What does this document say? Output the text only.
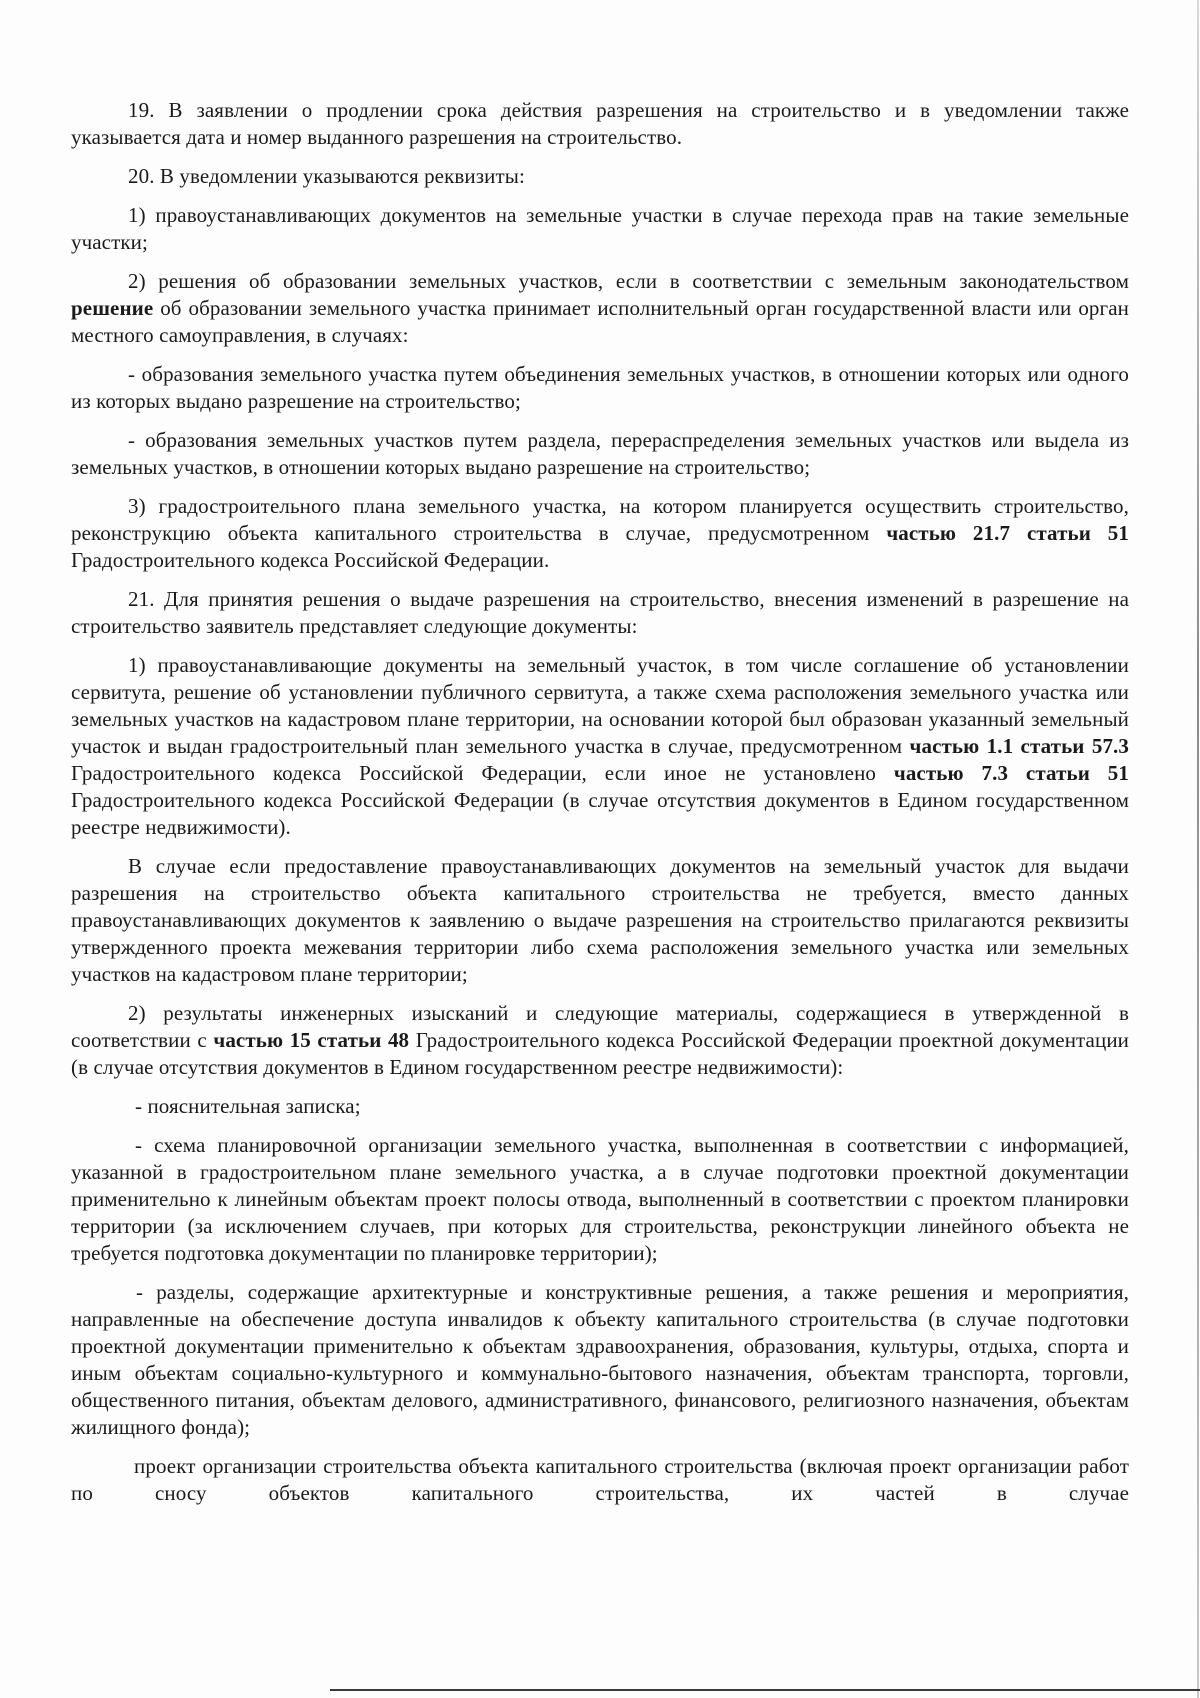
19. В заявлении о продлении срока действия разрешения на строительство и в уведомлении также указывается дата и номер выданного разрешения на строительство.

20. В уведомлении указываются реквизиты:

1) правоустанавливающих документов на земельные участки в случае перехода прав на такие земельные участки;

2) решения об образовании земельных участков, если в соответствии с земельным законодательством решение об образовании земельного участка принимает исполнительный орган государственной власти или орган местного самоуправления, в случаях:

- образования земельного участка путем объединения земельных участков, в отношении которых или одного из которых выдано разрешение на строительство;

- образования земельных участков путем раздела, перераспределения земельных участков или выдела из земельных участков, в отношении которых выдано разрешение на строительство;

3) градостроительного плана земельного участка, на котором планируется осуществить строительство, реконструкцию объекта капитального строительства в случае, предусмотренном частью 21.7 статьи 51 Градостроительного кодекса Российской Федерации.

21. Для принятия решения о выдаче разрешения на строительство, внесения изменений в разрешение на строительство заявитель представляет следующие документы:

1) правоустанавливающие документы на земельный участок, в том числе соглашение об установлении сервитута, решение об установлении публичного сервитута, а также схема расположения земельного участка или земельных участков на кадастровом плане территории, на основании которой был образован указанный земельный участок и выдан градостроительный план земельного участка в случае, предусмотренном частью 1.1 статьи 57.3 Градостроительного кодекса Российской Федерации, если иное не установлено частью 7.3 статьи 51 Градостроительного кодекса Российской Федерации (в случае отсутствия документов в Едином государственном реестре недвижимости).

В случае если предоставление правоустанавливающих документов на земельный участок для выдачи разрешения на строительство объекта капитального строительства не требуется, вместо данных правоустанавливающих документов к заявлению о выдаче разрешения на строительство прилагаются реквизиты утвержденного проекта межевания территории либо схема расположения земельного участка или земельных участков на кадастровом плане территории;

2) результаты инженерных изысканий и следующие материалы, содержащиеся в утвержденной в соответствии с частью 15 статьи 48 Градостроительного кодекса Российской Федерации проектной документации (в случае отсутствия документов в Едином государственном реестре недвижимости):

- пояснительная записка;

- схема планировочной организации земельного участка, выполненная в соответствии с информацией, указанной в градостроительном плане земельного участка, а в случае подготовки проектной документации применительно к линейным объектам проект полосы отвода, выполненный в соответствии с проектом планировки территории (за исключением случаев, при которых для строительства, реконструкции линейного объекта не требуется подготовка документации по планировке территории);

- разделы, содержащие архитектурные и конструктивные решения, а также решения и мероприятия, направленные на обеспечение доступа инвалидов к объекту капитального строительства (в случае подготовки проектной документации применительно к объектам здравоохранения, образования, культуры, отдыха, спорта и иным объектам социально-культурного и коммунально-бытового назначения, объектам транспорта, торговли, общественного питания, объектам делового, административного, финансового, религиозного назначения, объектам жилищного фонда);

проект организации строительства объекта капитального строительства (включая проект организации работ по сносу объектов капитального строительства, их частей в случае
